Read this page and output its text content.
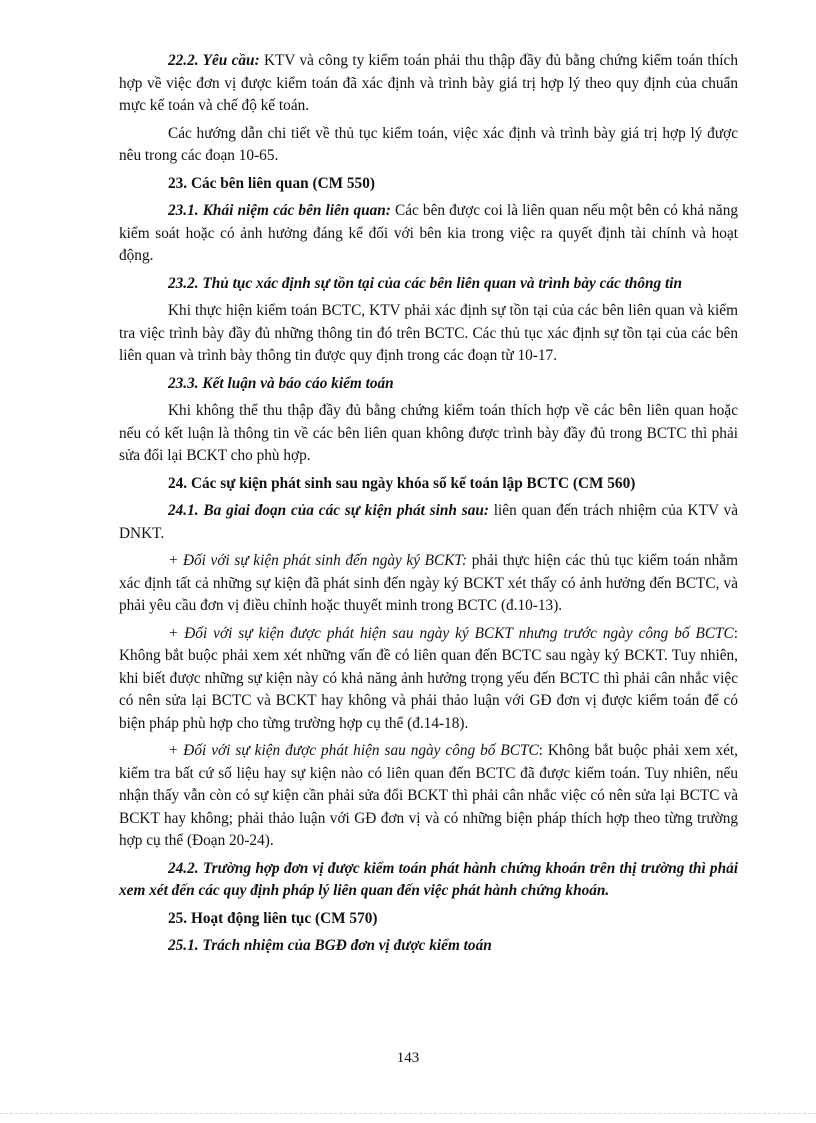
22.2. Yêu cầu: KTV và công ty kiểm toán phải thu thập đầy đủ bằng chứng kiểm toán thích hợp về việc đơn vị được kiểm toán đã xác định và trình bày giá trị hợp lý theo quy định của chuẩn mực kế toán và chế độ kế toán.

Các hướng dẫn chi tiết về thủ tục kiểm toán, việc xác định và trình bày giá trị hợp lý được nêu trong các đoạn 10-65.

23. Các bên liên quan (CM 550)

23.1. Khái niệm các bên liên quan: Các bên được coi là liên quan nếu một bên có khả năng kiểm soát hoặc có ảnh hưởng đáng kể đối với bên kia trong việc ra quyết định tài chính và hoạt động.

23.2. Thủ tục xác định sự tồn tại của các bên liên quan và trình bày các thông tin

Khi thực hiện kiểm toán BCTC, KTV phải xác định sự tồn tại của các bên liên quan và kiểm tra việc trình bày đầy đủ những thông tin đó trên BCTC. Các thủ tục xác định sự tồn tại của các bên liên quan và trình bày thông tin được quy định trong các đoạn từ 10-17.

23.3. Kết luận và báo cáo kiểm toán

Khi không thể thu thập đầy đủ bằng chứng kiểm toán thích hợp về các bên liên quan hoặc nếu có kết luận là thông tin về các bên liên quan không được trình bày đầy đủ trong BCTC thì phải sửa đổi lại BCKT cho phù hợp.

24. Các sự kiện phát sinh sau ngày khóa sổ kế toán lập BCTC (CM 560)

24.1. Ba giai đoạn của các sự kiện phát sinh sau: liên quan đến trách nhiệm của KTV và DNKT.

+ Đối với sự kiện phát sinh đến ngày ký BCKT: phải thực hiện các thủ tục kiểm toán nhằm xác định tất cả những sự kiện đã phát sinh đến ngày ký BCKT xét thấy có ảnh hưởng đến BCTC, và phải yêu cầu đơn vị điều chỉnh hoặc thuyết minh trong BCTC (đ.10-13).

+ Đối với sự kiện được phát hiện sau ngày ký BCKT nhưng trước ngày công bố BCTC: Không bắt buộc phải xem xét những vấn đề có liên quan đến BCTC sau ngày ký BCKT. Tuy nhiên, khi biết được những sự kiện này có khả năng ảnh hưởng trọng yếu đến BCTC thì phải cân nhắc việc có nên sửa lại BCTC và BCKT hay không và phải thảo luận với GĐ đơn vị được kiểm toán để có biện pháp phù hợp cho từng trường hợp cụ thể (đ.14-18).

+ Đối với sự kiện được phát hiện sau ngày công bố BCTC: Không bắt buộc phải xem xét, kiểm tra bất cứ số liệu hay sự kiện nào có liên quan đến BCTC đã được kiểm toán. Tuy nhiên, nếu nhận thấy vẫn còn có sự kiện cần phải sửa đổi BCKT thì phải cân nhắc việc có nên sửa lại BCTC và BCKT hay không; phải thảo luận với GĐ đơn vị và có những biện pháp thích hợp theo từng trường hợp cụ thể (Đoạn 20-24).

24.2. Trường hợp đơn vị được kiểm toán phát hành chứng khoán trên thị trường thì phải xem xét đến các quy định pháp lý liên quan đến việc phát hành chứng khoán.

25. Hoạt động liên tục (CM 570)

25.1. Trách nhiệm của BGĐ đơn vị được kiểm toán

143
